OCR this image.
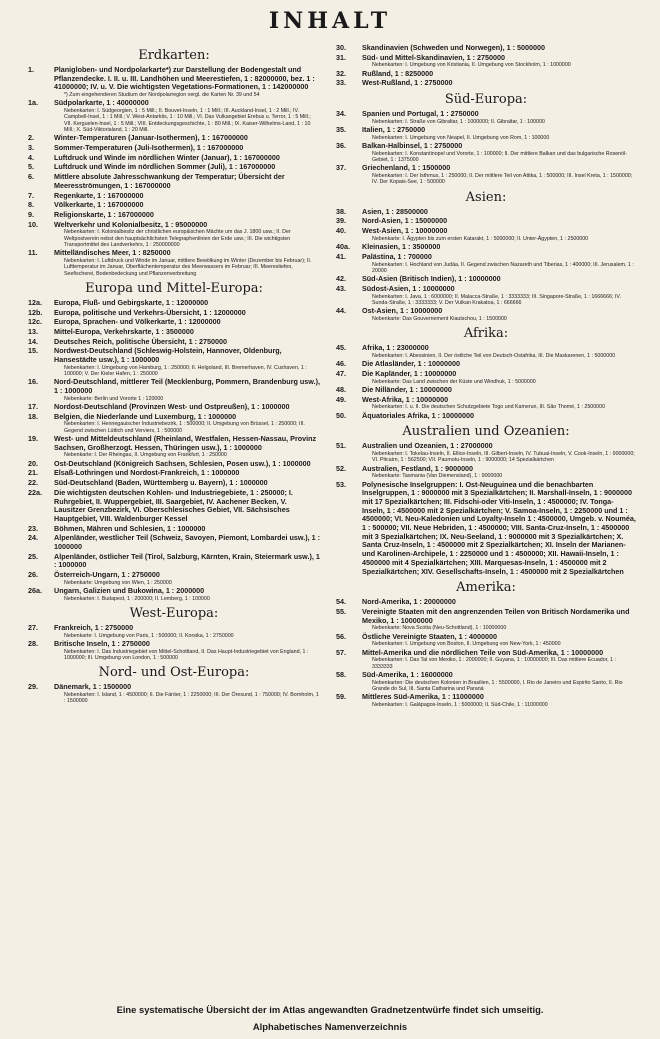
INHALT
Erdkarten:
1.	Planigloben- und Nordpolarkarte*) zur Darstellung der Bodengestalt und Pflanzendecke. I. II. u. III. Landhöhen und Meerestiefen, 1 : 82000000, bez. 1 : 41000000; IV. u. V. Die wichtigsten Vegetations-Formationen, 1 : 142000000
*) Zum eingehenderen Studium der Nordpolarregion vergl. die Karten Nr. 39 und 54
1a.	Südpolarkarte, 1 : 40000000
Nebenkarten: I. Südgeorgien, 1 : 5 Mill.; II. Bouvet-Inseln, 1 : 1 Mill.; III. Auckland-Insel, 1 : 2 Mill.; IV. Campbell-Insel, 1 : 1 Mill.; V. West-Antarktis, 1 : 10 Mill.; VI. Das Vulkangebiet Erebus u. Terror, 1 : 5 Mill.; VII. Kerguelen-Insel, 1 : 5 Mill.; VIII. Entdeckungsgeschichte, 1 : 80 Mill.; IX. Kaiser-Wilhelms-Land, 1 : 10 Mill.; X. Süd-Viktorialand, 1 : 20 Mill.
2.	Winter-Temperaturen (Januar-Isothermen), 1 : 167000000
3.	Sommer-Temperaturen (Juli-Isothermen), 1 : 167000000
4.	Luftdruck und Winde im nördlichen Winter (Januar), 1 : 167000000
5.	Luftdruck und Winde im nördlichen Sommer (Juli), 1 : 167000000
6.	Mittlere absolute Jahresschwankung der Temperatur; Übersicht der Meeresströmungen, 1 : 167000000
7.	Regenkarte, 1 : 167000000
8.	Völkerkarte, 1 : 167000000
9.	Religionskarte, 1 : 167000000
10.	Weltverkehr und Kolonialbesitz, 1 : 95000000
Nebenkarten: I. Kolonialbesitz der christlichen europäischen Mächte um das J. 1800 usw.; II. Der Weltpostverein nebst den hauptsächlichsten Telegraphenlinien der Erde usw.; III. Die wichtigsten Transportmittel des Landverkehrs, 1 : 250000000
11.	Mittelländisches Meer, 1 : 8250000
Nebenkarten: I. Luftdruck und Winde im Januar, mittlere Bewölkung im Winter (Dezember bis Februar); II. Lufttemperatur im Januar, Oberflächentemperatur des Meerwassers im Februar; III. Meerestiefen, Seefischerei, Bodenbedeckung und Pflanzenverbreitung
Europa und Mittel-Europa:
12a.	Europa, Fluß- und Gebirgskarte, 1 : 12000000
12b.	Europa, politische und Verkehrs-Übersicht, 1 : 12000000
12c.	Europa, Sprachen- und Völkerkarte, 1 : 12000000
13.	Mittel-Europa, Verkehrskarte, 1 : 3500000
14.	Deutsches Reich, politische Übersicht, 1 : 2750000
15.	Nordwest-Deutschland (Schleswig-Holstein, Hannover, Oldenburg, Hansestädte usw.), 1 : 1000000
Nebenkarten: I. Umgebung von Hamburg, 1 : 250000; II. Helgoland, III. Bremerhaven, IV. Cuxhaven, 1 : 100000; V. Der Kieler Hafen, 1 : 250000
16.	Nord-Deutschland, mittlerer Teil (Mecklenburg, Pommern, Brandenburg usw.), 1 : 1000000
Nebenkarte: Berlin und Vororte 1 : 120000
17.	Nordost-Deutschland (Provinzen West- und Ostpreußen), 1 : 1000000
18.	Belgien, die Niederlande und Luxemburg, 1 : 1000000
Nebenkarten: I. Hennegauischer Industriebezirk, 1 : 500000; II. Umgebung von Brüssel, 1 : 250000; III. Gegend zwischen Lüttich und Verviers, 1 : 500000
19.	West- und Mitteldeutschland (Rheinland, Westfalen, Hessen-Nassau, Provinz Sachsen, Großherzogt. Hessen, Thüringen usw.), 1 : 1000000
Nebenkarte: I. Der Rheingau, II. Umgebung von Frankfurt, 1 : 250000
20.	Ost-Deutschland (Königreich Sachsen, Schlesien, Posen usw.), 1 : 1000000
21.	Elsaß-Lothringen und Nordost-Frankreich, 1 : 1000000
22.	Süd-Deutschland (Baden, Württemberg u. Bayern), 1 : 1000000
22a.	Die wichtigsten deutschen Kohlen- und Industriegebiete, 1 : 250000; I. Ruhrgebiet, II. Wuppergebiet, III. Saargebiet, IV. Aachener Becken, V. Lausitzer Grenzbezirk, VI. Oberschlesisches Gebiet, VII. Sächsisches Hauptgebiet, VIII. Waldenburger Kessel
23.	Böhmen, Mähren und Schlesien, 1 : 1000000
24.	Alpenländer, westlicher Teil (Schweiz, Savoyen, Piemont, Lombardei usw.), 1 : 1000000
25.	Alpenländer, östlicher Teil (Tirol, Salzburg, Kärnten, Krain, Steiermark usw.), 1 : 1000000
26.	Österreich-Ungarn, 1 : 2750000
Nebenkarte: Umgebung von Wien, 1 : 250000
26a.	Ungarn, Galizien und Bukowina, 1 : 2000000
Nebenkarten: I. Budapest, 1 : 200000; II. Lemberg, 1 : 100000
West-Europa:
27.	Frankreich, 1 : 2750000
Nebenkarte: I. Umgebung von Paris, 1 : 500000; II. Korsika, 1 : 2750000
28.	Britische Inseln, 1 : 2750000
Nebenkarten: I. Das Industriegebiet von Mittel-Schottland, II. Das Haupt-Industriegebiet von England, 1 : 1000000; III. Umgebung von London, 1 : 500000
Nord- und Ost-Europa:
29.	Dänemark, 1 : 1500000
Nebenkarten: I. Island, 1 : 4500000; II. Die Färöer, 1 : 2250000; III. Der Öresund, 1 : 750000; IV. Bornholm, 1 : 1500000
30.	Skandinavien (Schweden und Norwegen), 1 : 5000000
31.	Süd- und Mittel-Skandinavien, 1 : 2750000
Nebenkarten: I. Umgebung von Kristiania, II. Umgebung von Stockholm, 1 : 1000000
32.	Rußland, 1 : 8250000
33.	West-Rußland, 1 : 2750000
Süd-Europa:
34.	Spanien und Portugal, 1 : 2750000
Nebenkarten: I. Straße von Gibraltar, 1 : 1000000; II. Gibraltar, 1 : 100000
35.	Italien, 1 : 2750000
Nebenkarten: I. Umgebung von Neapel, II. Umgebung von Rom, 1 : 100000
36.	Balkan-Halbinsel, 1 : 2750000
Nebenkarten: I. Konstantinopel und Vororte, 1 : 100000; II. Der mittlere Balkan und das bulgarische Rosenöl-Gebiet, 1 : 1375000
37.	Griechenland, 1 : 1500000
Nebenkarten: I. Der Isthmus, 1 : 250000; II. Der mittlere Teil von Attika, 1 : 500000; III. Insel Kreta, 1 : 1500000; IV. Der Kopais-See, 1 : 500000
Asien:
38.	Asien, 1 : 28500000
39.	Nord-Asien, 1 : 15000000
40.	West-Asien, 1 : 10000000
Nebenkarte: I. Ägypten bis zum ersten Katarakt, 1 : 5000000; II. Unter-Ägypten, 1 : 2500000
40a.	Kleinasien, 1 : 3500000
41.	Palästina, 1 : 700000
Nebenkarten: I. Hochland von Judäa, II. Gegend zwischen Nazareth und Tiberias, 1 : 400000; III. Jerusalem, 1 : 20000
42.	Süd-Asien (Britisch Indien), 1 : 10000000
43.	Südost-Asien, 1 : 10000000
Nebenkarten: I. Java, 1 : 6000000; II. Malacca-Straße, 1 : 3333333; III. Singapore-Straße, 1 : 1666666; IV. Sunda-Straße, 1 : 3333333; V. Der Vulkan Krakatoa, 1 : 666666
44.	Ost-Asien, 1 : 10000000
Nebenkarte: Das Gouvernement Kiautschou, 1 : 1500000
Afrika:
45.	Afrika, 1 : 23000000
Nebenkarten: I. Abessinien, II. Der östliche Teil von Deutsch-Ostafrika, III. Die Maskarenen, 1 : 5000000
46.	Die Atlasländer, 1 : 10000000
47.	Die Kapländer, 1 : 10000000
Nebenkarte: Das Land zwischen der Küste und Windhuk, 1 : 5000000
48.	Die Nilländer, 1 : 10000000
49.	West-Afrika, 1 : 10000000
Nebenkarten: I. u. II. Die deutschen Schutzgebiete Togo und Kamerun, III. São Thomé, 1 : 2500000
50.	Äquatoriales Afrika, 1 : 10000000
Australien und Ozeanien:
51.	Australien und Ozeanien, 1 : 27000000
Nebenkarten: I. Tokelau-Inseln, II. Ellice-Inseln, III. Gilbert-Inseln, IV. Tubuai-Inseln, V. Cook-Inseln, 1 : 9000000; VI. Pitcairn, 1 : 562500; VII. Paumotu-Inseln, 1 : 9000000; 14 Spezialkärtchen
52.	Australien, Festland, 1 : 9000000
Nebenkarte: Tasmania (Van Diemensland), 1 : 9000000
53.	Polynesische Inselgruppen: I. Ost-Neuguinea und die benachbarten Inselgruppen, 1 : 9000000 mit 3 Spezialkärtchen; II. Marshall-Inseln, 1 : 9000000 mit 17 Spezialkärtchen; III. Fidschi-oder Viti-Inseln, 1 : 4500000; IV. Tonga-Inseln, 1 : 4500000 mit 2 Spezialkärtchen; V. Samoa-Inseln, 1 : 2250000 und 1 : 4500000; VI. Neu-Kaledonien und Loyalty-Inseln 1 : 4500000, Umgeb. v. Nouméa, 1 : 500000; VII. Neue Hebriden, 1 : 4500000; VIII. Santa-Cruz-Inseln, 1 : 4500000 mit 3 Spezialkärtchen; IX. Neu-Seeland, 1 : 9000000 mit 3 Spezialkärtchen; X. Santa Cruz-Inseln, 1 : 4500000 mit 2 Spezialkärtchen; XI. Inseln der Marianen- und Karolinen-Archipele, 1 : 2250000 und 1 : 4500000; XII. Hawaii-Inseln, 1 : 4500000 mit 4 Spezialkärtchen; XIII. Marquesas-Inseln, 1 : 4500000 mit 2 Spezialkärtchen; XIV. Gesellschafts-Inseln, 1 : 4500000 mit 2 Spezialkärtchen
Amerika:
54.	Nord-Amerika, 1 : 20000000
55.	Vereinigte Staaten mit den angrenzenden Teilen von Britisch Nordamerika und Mexiko, 1 : 10000000
Nebenkarte: Nova Scotia (Neu-Schottland), 1 : 10000000
56.	Östliche Vereinigte Staaten, 1 : 4000000
Nebenkarten: I. Umgebung von Boston, II. Umgebung von New-York, 1 : 450000
57.	Mittel-Amerika und die nördlichen Teile von Süd-Amerika, 1 : 10000000
Nebenkarten: I. Das Tal von Mexiko, 1 : 2000000; II. Guyana, 1 : 10000000; III. Das mittlere Ecuador, 1 : 3333333
58.	Süd-Amerika, 1 : 16000000
Nebenkarten: Die deutschen Kolonien in Brasilien, 1 : 5500000, I. Rio de Janeiro und Espirito Santo, II. Rio Grande do Sul, III. Santa Catharina und Paraná
59.	Mittleres Süd-Amerika, 1 : 11000000
Nebenkarten: I. Galápagos-Inseln, 1 : 5000000; II. Süd-Chile, 1 : 11000000
Eine systematische Übersicht der im Atlas angewandten Gradnetzentwürfe findet sich umseitig.
Alphabetisches Namenverzeichnis
